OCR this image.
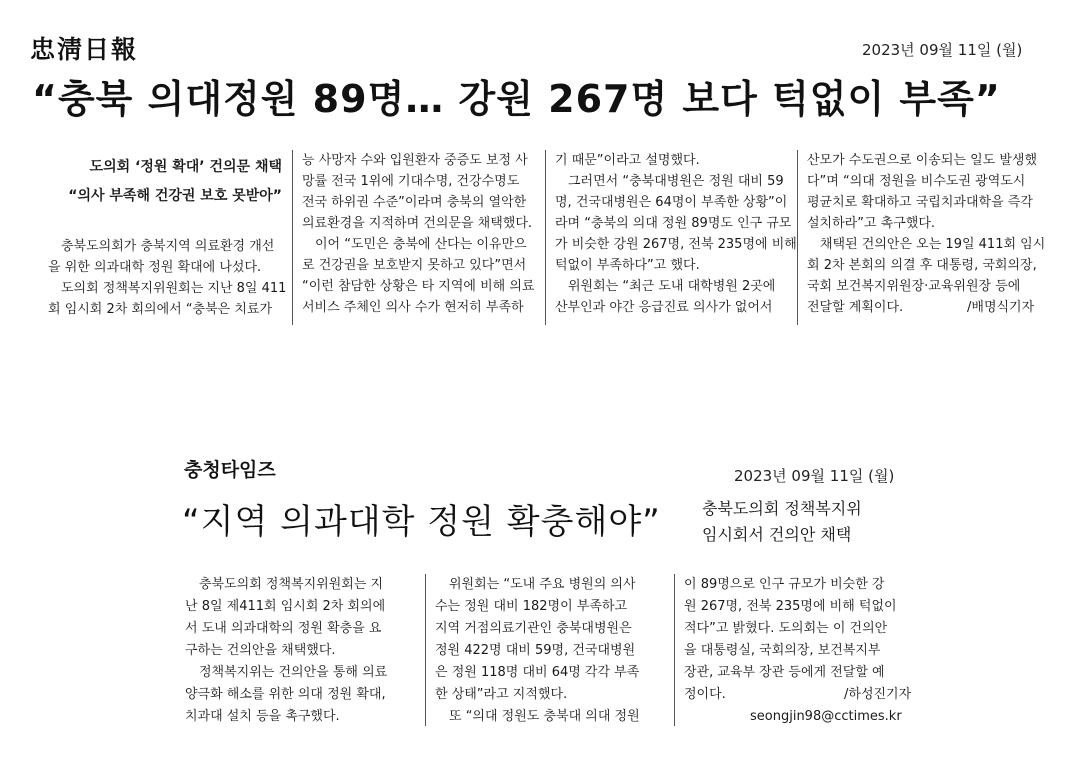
忠淸日報	2023년 09월 11일 (월)
“충북 의대정원 89명… 강원 267명 보다 턱없이 부족”
도의회 ‘정원 확대’ 건의문 채택
“의사 부족해 건강권 보호 못받아”
충북도의회가 충북지역 의료환경 개선
을 위한 의과대학 정원 확대에 나섰다.
도의회 정책복지위원회는 지난 8일 411
회 임시회 2차 회의에서 “충북은 치료가
능 사망자 수와 입원환자 중증도 보정 사
망률 전국 1위에 기대수명, 건강수명도
전국 하위권 수준”이라며 충북의 열악한
의료환경을 지적하며 건의문을 채택했다.
이어 “도민은 충북에 산다는 이유만으
로 건강권을 보호받지 못하고 있다”면서
“이런 참담한 상황은 타 지역에 비해 의료
서비스 주체인 의사 수가 현저히 부족하
기 때문”이라고 설명했다.
그러면서 “충북대병원은 정원 대비 59
명, 건국대병원은 64명이 부족한 상황”이
라며 “충북의 의대 정원 89명도 인구 규모
가 비슷한 강원 267명, 전북 235명에 비해
턱없이 부족하다”고 했다.
위원회는 “최근 도내 대학병원 2곳에
산부인과 야간 응급진료 의사가 없어서
산모가 수도권으로 이송되는 일도 발생했
다”며 “의대 정원을 비수도권 광역도시
평균치로 확대하고 국립치과대학을 즉각
설치하라”고 촉구했다.
채택된 건의안은 오는 19일 411회 임시
회 2차 본회의 의결 후 대통령, 국회의장,
국회 보건복지위원장·교육위원장 등에
전달할 계획이다.	/배명식기자
충청타임즈	2023년 09월 11일 (월)
“지역 의과대학 정원 확충해야”	충북도의회 정책복지위
임시회서 건의안 채택
충북도의회 정책복지위원회는 지
난 8일 제411회 임시회 2차 회의에
서 도내 의과대학의 정원 확충을 요
구하는 건의안을 채택했다.
정책복지위는 건의안을 통해 의료
양극화 해소를 위한 의대 정원 확대,
치과대 설치 등을 촉구했다.
위원회는 “도내 주요 병원의 의사
수는 정원 대비 182명이 부족하고
지역 거점의료기관인 충북대병원은
정원 422명 대비 59명, 건국대병원
은 정원 118명 대비 64명 각각 부족
한 상태”라고 지적했다.
또 “의대 정원도 충북대 의대 정원
이 89명으로 인구 규모가 비슷한 강
원 267명, 전북 235명에 비해 턱없이
적다”고 밝혔다. 도의회는 이 건의안
을 대통령실, 국회의장, 보건복지부
장관, 교육부 장관 등에게 전달할 예
정이다.	/하성진기자
seongjin98@cctimes.kr
